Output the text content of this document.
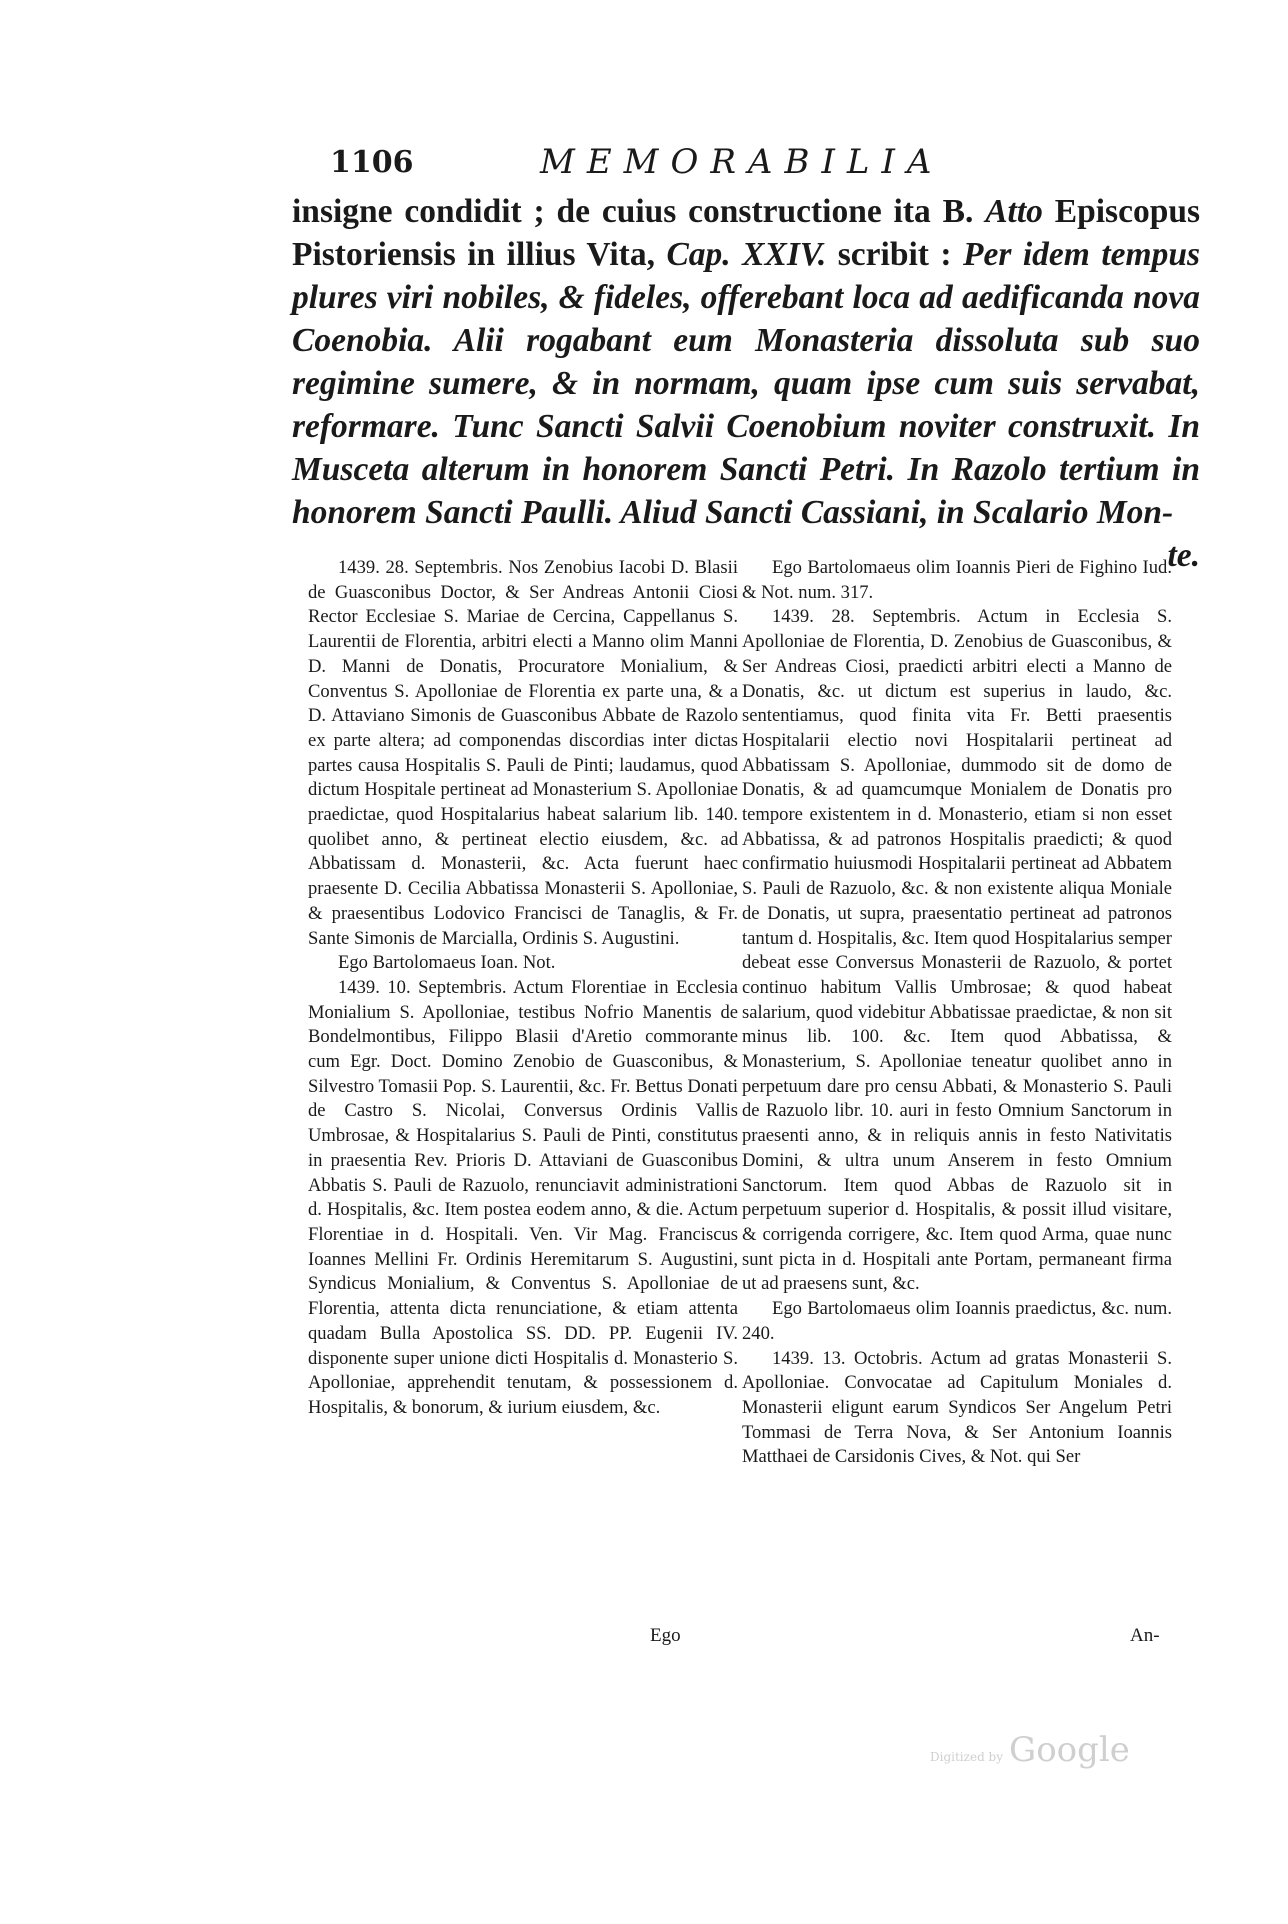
1106	MEMORABILIA
insigne condidit ; de cuius constructione ita B. Atto Episcopus Pistoriensis in illius Vita, Cap. XXIV. scribit : Per idem tempus plures viri nobiles, & fideles, offerebant loca ad aedificanda nova Coenobia. Alii rogabant eum Monasteria dissoluta sub suo regimine sumere, & in normam, quam ipse cum suis servabat, reformare. Tunc Sancti Salvii Coenobium noviter construxit. In Musceta alterum in honorem Sancti Petri. In Razolo tertium in honorem Sancti Paulli. Aliud Sancti Cassiani, in Scalario Mon-
te.

1439. 28. Septembris. Nos Zenobius Iacobi D. Blasii de Guasconibus Doctor, & Ser Andreas Antonii Ciosi Rector Ecclesiae S. Mariae de Cercina, Cappellanus S. Laurentii de Florentia, arbitri electi a Manno olim Manni D. Manni de Donatis, Procuratore Monialium, & Conventus S. Apolloniae de Florentia ex parte una, & a D. Attaviano Simonis de Guasconibus Abbate de Razolo ex parte altera; ad componendas discordias inter dictas partes causa Hospitalis S. Pauli de Pinti; laudamus, quod dictum Hospitale pertineat ad Monasterium S. Apolloniae praedictae, quod Hospitalarius habeat salarium lib. 140. quolibet anno, & pertineat electio eiusdem, &c. ad Abbatissam d. Monasterii, &c. Acta fuerunt haec praesente D. Cecilia Abbatissa Monasterii S. Apolloniae, & praesentibus Lodovico Francisci de Tanaglis, & Fr. Sante Simonis de Marcialla, Ordinis S. Augustini.

Ego Bartolomaeus Ioan. Not.

1439. 10. Septembris. Actum Florentiae in Ecclesia Monialium S. Apolloniae, testibus Nofrio Manentis de Bondelmontibus, Filippo Blasii d'Aretio commorante cum Egr. Doct. Domino Zenobio de Guasconibus, & Silvestro Tomasii Pop. S. Laurentii, &c. Fr. Bettus Donati de Castro S. Nicolai, Conversus Ordinis Vallis Umbrosae, & Hospitalarius S. Pauli de Pinti, constitutus in praesentia Rev. Prioris D. Attaviani de Guasconibus Abbatis S. Pauli de Razuolo, renunciavit administrationi d. Hospitalis, &c. Item postea eodem anno, & die. Actum Florentiae in d. Hospitali. Ven. Vir Mag. Franciscus Ioannes Mellini Fr. Ordinis Heremitarum S. Augustini, Syndicus Monialium, & Conventus S. Apolloniae de Florentia, attenta dicta renunciatione, & etiam attenta quadam Bulla Apostolica SS. DD. PP. Eugenii IV. disponente super unione dicti Hospitalis d. Monasterio S. Apolloniae, apprehendit tenutam, & possessionem d. Hospitalis, & bonorum, & iurium eiusdem, &c.

Ego Bartolomaeus olim Ioannis Pieri de Fighino Iud. & Not. num. 317.

1439. 28. Septembris. Actum in Ecclesia S. Apolloniae de Florentia, D. Zenobius de Guasconibus, & Ser Andreas Ciosi, praedicti arbitri electi a Manno de Donatis, &c. ut dictum est superius in laudo, &c. sententiamus, quod finita vita Fr. Betti praesentis Hospitalarii electio novi Hospitalarii pertineat ad Abbatissam S. Apolloniae, dummodo sit de domo de Donatis, & ad quamcumque Monialem de Donatis pro tempore existentem in d. Monasterio, etiam si non esset Abbatissa, & ad patronos Hospitalis praedicti; & quod confirmatio huiusmodi Hospitalarii pertineat ad Abbatem S. Pauli de Razuolo, &c. & non existente aliqua Moniale de Donatis, ut supra, praesentatio pertineat ad patronos tantum d. Hospitalis, &c. Item quod Hospitalarius semper debeat esse Conversus Monasterii de Razuolo, & portet continuo habitum Vallis Umbrosae; & quod habeat salarium, quod videbitur Abbatissae praedictae, & non sit minus lib. 100. &c. Item quod Abbatissa, & Monasterium, S. Apolloniae teneatur quolibet anno in perpetuum dare pro censu Abbati, & Monasterio S. Pauli de Razuolo libr. 10. auri in festo Omnium Sanctorum in praesenti anno, & in reliquis annis in festo Nativitatis Domini, & ultra unum Anserem in festo Omnium Sanctorum. Item quod Abbas de Razuolo sit in perpetuum superior d. Hospitalis, & possit illud visitare, & corrigenda corrigere, &c. Item quod Arma, quae nunc sunt picta in d. Hospitali ante Portam, permaneant firma ut ad praesens sunt, &c.

Ego Bartolomaeus olim Ioannis praedictus, &c. num. 240.

1439. 13. Octobris. Actum ad gratas Monasterii S. Apolloniae. Convocatae ad Capitulum Moniales d. Monasterii eligunt earum Syndicos Ser Angelum Petri Tommasi de Terra Nova, & Ser Antonium Ioannis Matthaei de Carsidonis Cives, & Not. qui Ser

Ego	An-
Digitized by Google
